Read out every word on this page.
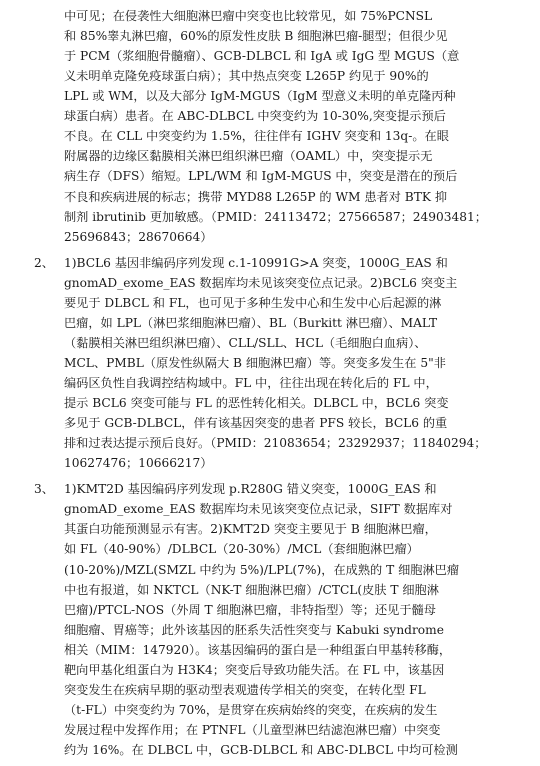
中可见；在侵袭性大细胞淋巴瘤中突变也比较常见，如 75%PCNSL
和 85%睾丸淋巴瘤，60%的原发性皮肤 B 细胞淋巴瘤-腿型；但很少见
于 PCM（浆细胞骨髓瘤）、GCB-DLBCL 和 IgA 或 IgG 型 MGUS（意
义未明单克隆免疫球蛋白病）；其中热点突变 L265P 约见于 90%的
LPL 或 WM，以及大部分 IgM-MGUS（IgM 型意义未明的单克隆丙种
球蛋白病）患者。在 ABC-DLBCL 中突变约为 10-30%,突变提示预后
不良。在 CLL 中突变约为 1.5%，往往伴有 IGHV 突变和 13q-。在眼
附属器的边缘区黏膜相关淋巴组织淋巴瘤（OAML）中，突变提示无
病生存（DFS）缩短。LPL/WM 和 IgM-MGUS 中，突变是潜在的预后
不良和疾病进展的标志；携带 MYD88 L265P 的 WM 患者对 BTK 抑
制剂 ibrutinib 更加敏感。（PMID：24113472；27566587；24903481；
25696843；28670664）
2、 1)BCL6 基因非编码序列发现 c.1-10991G>A 突变，1000G_EAS 和
gnomAD_exome_EAS 数据库均未见该突变位点记录。2)BCL6 突变主
要见于 DLBCL 和 FL，也可见于多种生发中心和生发中心后起源的淋
巴瘤，如 LPL（淋巴浆细胞淋巴瘤）、BL（Burkitt 淋巴瘤）、MALT
（黏膜相关淋巴组织淋巴瘤）、CLL/SLL、HCL（毛细胞白血病）、
MCL、PMBL（原发性纵隔大 B 细胞淋巴瘤）等。突变多发生在 5"非
编码区负性自我调控结构域中。FL 中，往往出现在转化后的 FL 中，
提示 BCL6 突变可能与 FL 的恶性转化相关。DLBCL 中，BCL6 突变
多见于 GCB-DLBCL，伴有该基因突变的患者 PFS 较长，BCL6 的重
排和过表达提示预后良好。（PMID：21083654；23292937；11840294；
10627476；10666217）
3、 1)KMT2D 基因编码序列发现 p.R280G 错义突变，1000G_EAS 和
gnomAD_exome_EAS 数据库均未见该突变位点记录，SIFT 数据库对
其蛋白功能预测显示有害。2)KMT2D 突变主要见于 B 细胞淋巴瘤，
如 FL（40-90%）/DLBCL（20-30%）/MCL（套细胞淋巴瘤）
(10-20%)/MZL(SMZL 中约为 5%)/LPL(7%)，在成熟的 T 细胞淋巴瘤
中也有报道，如 NKTCL（NK-T 细胞淋巴瘤）/CTCL(皮肤 T 细胞淋
巴瘤)/PTCL-NOS（外周 T 细胞淋巴瘤，非特指型）等；还见于髓母
细胞瘤、胃癌等；此外该基因的胚系失活性突变与 Kabuki syndrome
相关（MIM：147920）。该基因编码的蛋白是一种组蛋白甲基转移酶，
靶向甲基化组蛋白为 H3K4；突变后导致功能失活。在 FL 中，该基因
突变发生在疾病早期的驱动型表观遗传学相关的突变，在转化型 FL
（t-FL）中突变约为 70%，是贯穿在疾病始终的突变，在疾病的发生
发展过程中发挥作用；在 PTNFL（儿童型淋巴结滤泡淋巴瘤）中突变
约为 16%。在 DLBCL 中，GCB-DLBCL 和 ABC-DLBCL 中均可检测
